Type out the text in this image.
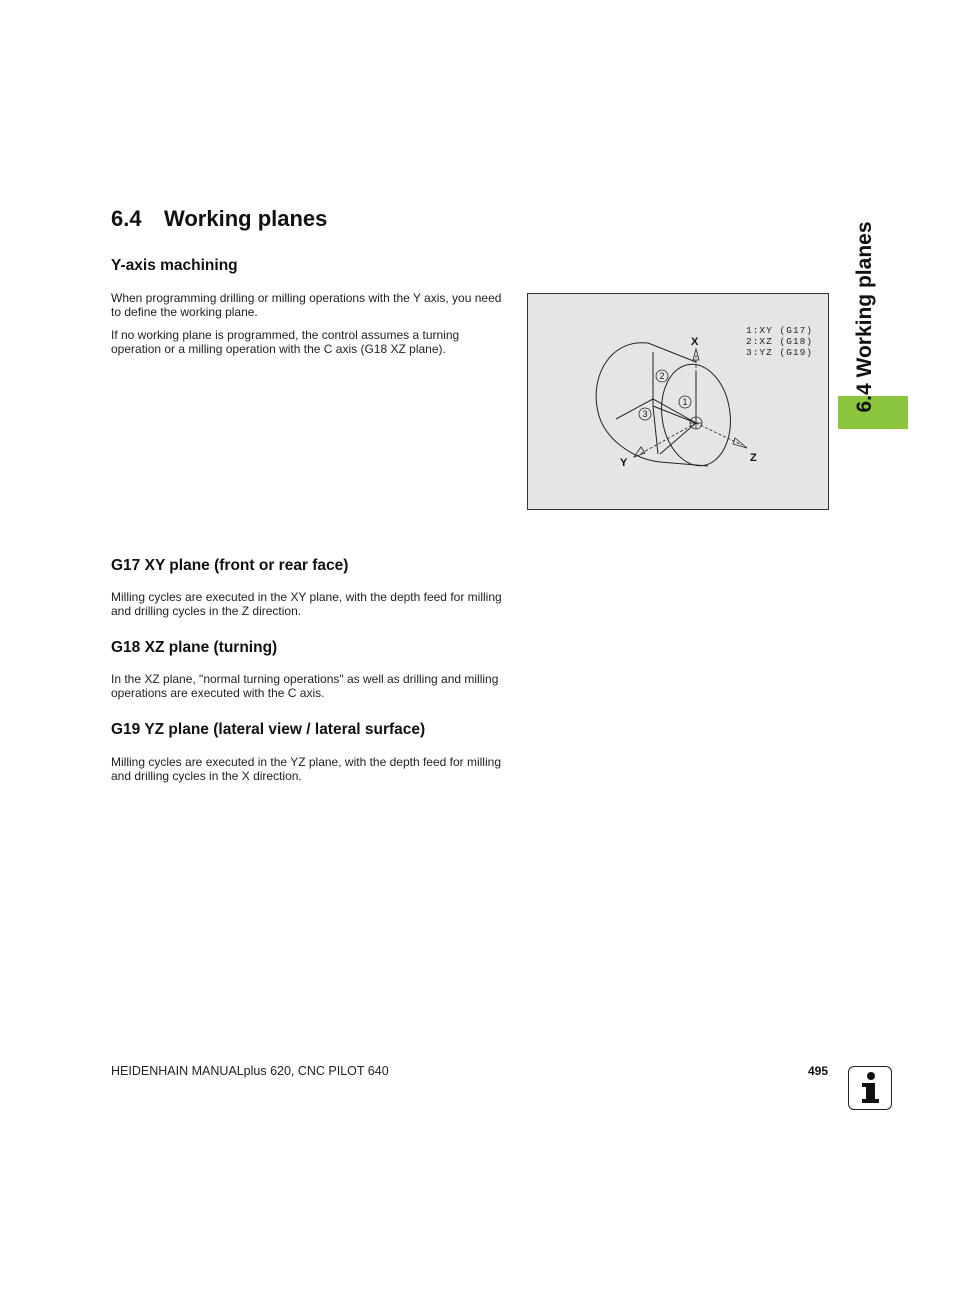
6.4 Working planes
Y-axis machining
When programming drilling or milling operations with the Y axis, you need to define the working plane.
If no working plane is programmed, the control assumes a turning operation or a milling operation with the C axis (G18 XZ plane).
1
2
3
X
Y	Z
1:XY (G17)
2:XZ (G18)
3:YZ (G19) 6.4 Working planes
G17 XY plane (front or rear face)
Milling cycles are executed in the XY plane, with the depth feed for milling and drilling cycles in the Z direction.
G18 XZ plane (turning)
In the XZ plane, "normal turning operations" as well as drilling and milling operations are executed with the C axis.
G19 YZ plane (lateral view / lateral surface)
Milling cycles are executed in the YZ plane, with the depth feed for milling and drilling cycles in the X direction.
HEIDENHAIN MANUALplus 620, CNC PILOT 640	495
